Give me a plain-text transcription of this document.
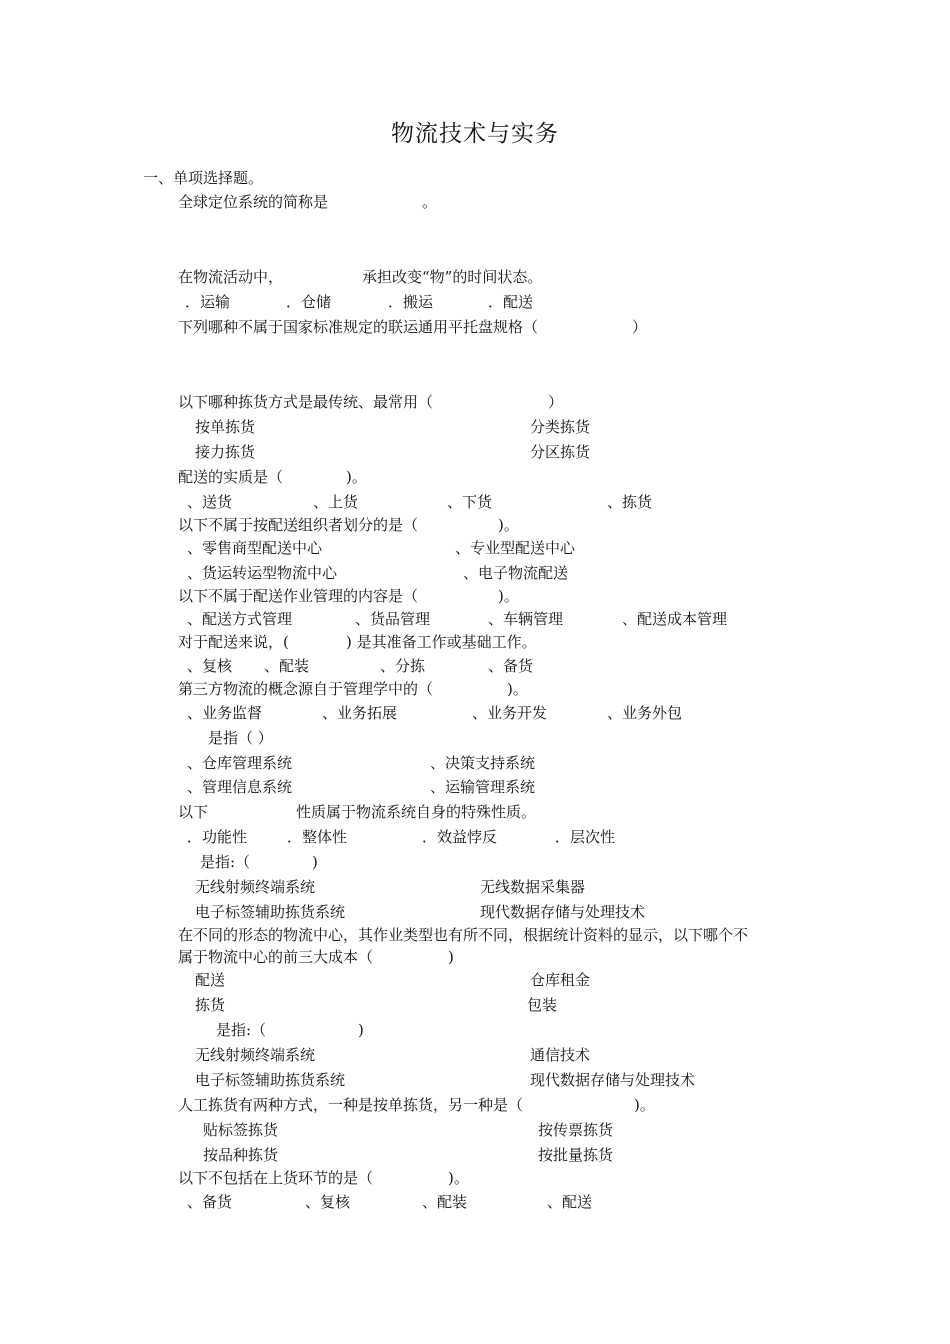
物流技术与实务
一、单项选择题。
全球定位系统的简称是	。
在物流活动中，	承担改变“物”的时间状态。
．运输	．仓储	．搬运	．配送
下列哪种不属于国家标准规定的联运通用平托盘规格（	）
以下哪种拣货方式是最传统、最常用（	）
按单拣货	分类拣货
接力拣货	分区拣货
配送的实质是（	)。
、送货	、上货	、下货	、拣货
以下不属于按配送组织者划分的是（	)。
、零售商型配送中心	、专业型配送中心
、货运转运型物流中心	、电子物流配送
以下不属于配送作业管理的内容是（	)。
、配送方式管理	、货品管理	、车辆管理	、配送成本管理
对于配送来说，(	) 是其准备工作或基础工作。
、复核 、配装	、分拣	、备货
第三方物流的概念源自于管理学中的（	)。
、业务监督	、业务拓展	、业务开发	、业务外包
是指（ ）
、仓库管理系统	、决策支持系统
、管理信息系统	、运输管理系统
以下	性质属于物流系统自身的特殊性质。
．功能性	．整体性	．效益悖反	．层次性
是指:（	)
无线射频终端系统	无线数据采集器
电子标签辅助拣货系统	现代数据存储与处理技术
在不同的形态的物流中心，其作业类型也有所不同，根据统计资料的显示，以下哪个不
属于物流中心的前三大成本（	)
配送	仓库租金
拣货	包装
是指:（	)
无线射频终端系统	通信技术
电子标签辅助拣货系统	现代数据存储与处理技术
人工拣货有两种方式，一种是按单拣货，另一种是（	)。
贴标签拣货	按传票拣货
按品种拣货	按批量拣货
以下不包括在上货环节的是（	)。
、备货	、复核	、配装	、配送
